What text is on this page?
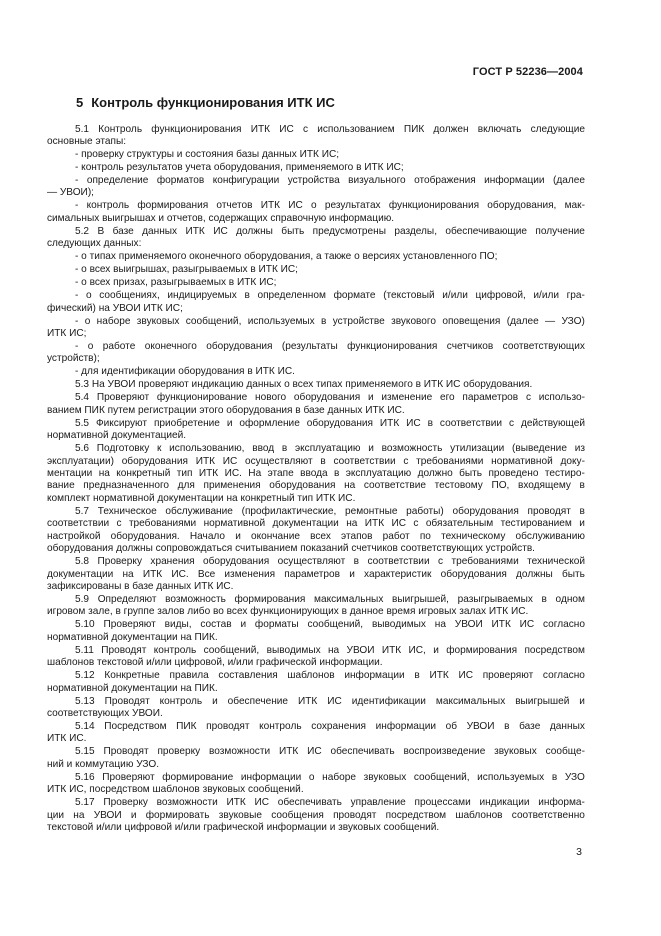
ГОСТ Р 52236—2004
5 Контроль функционирования ИТК ИС
5.1 Контроль функционирования ИТК ИС с использованием ПИК должен включать следующие
основные этапы:
- проверку структуры и состояния базы данных ИТК ИС;
- контроль результатов учета оборудования, применяемого в ИТК ИС;
- определение форматов конфигурации устройства визуального отображения информации (далее
— УВОИ);
- контроль формирования отчетов ИТК ИС о результатах функционирования оборудования, мак-
симальных выигрышах и отчетов, содержащих справочную информацию.
5.2 В базе данных ИТК ИС должны быть предусмотрены разделы, обеспечивающие получение
следующих данных:
- о типах применяемого оконечного оборудования, а также о версиях установленного ПО;
- о всех выигрышах, разыгрываемых в ИТК ИС;
- о всех призах, разыгрываемых в ИТК ИС;
- о сообщениях, индицируемых в определенном формате (текстовый и/или цифровой, и/или гра-
фический) на УВОИ ИТК ИС;
- о наборе звуковых сообщений, используемых в устройстве звукового оповещения (далее — УЗО)
ИТК ИС;
- о работе оконечного оборудования (результаты функционирования счетчиков соответствующих
устройств);
- для идентификации оборудования в ИТК ИС.
5.3 На УВОИ проверяют индикацию данных о всех типах применяемого в ИТК ИС оборудования.
5.4 Проверяют функционирование нового оборудования и изменение его параметров с использо-
ванием ПИК путем регистрации этого оборудования в базе данных ИТК ИС.
5.5 Фиксируют приобретение и оформление оборудования ИТК ИС в соответствии с действующей
нормативной документацией.
5.6 Подготовку к использованию, ввод в эксплуатацию и возможность утилизации (выведение из
эксплуатации) оборудования ИТК ИС осуществляют в соответствии с требованиями нормативной доку-
ментации на конкретный тип ИТК ИС. На этапе ввода в эксплуатацию должно быть проведено тестиро-
вание предназначенного для применения оборудования на соответствие тестовому ПО, входящему в
комплект нормативной документации на конкретный тип ИТК ИС.
5.7 Техническое обслуживание (профилактические, ремонтные работы) оборудования проводят в
соответствии с требованиями нормативной документации на ИТК ИС с обязательным тестированием и
настройкой оборудования. Начало и окончание всех этапов работ по техническому обслуживанию
оборудования должны сопровождаться считыванием показаний счетчиков соответствующих устройств.
5.8 Проверку хранения оборудования осуществляют в соответствии с требованиями технической
документации на ИТК ИС. Все изменения параметров и характеристик оборудования должны быть
зафиксированы в базе данных ИТК ИС.
5.9 Определяют возможность формирования максимальных выигрышей, разыгрываемых в одном
игровом зале, в группе залов либо во всех функционирующих в данное время игровых залах ИТК ИС.
5.10 Проверяют виды, состав и форматы сообщений, выводимых на УВОИ ИТК ИС согласно
нормативной документации на ПИК.
5.11 Проводят контроль сообщений, выводимых на УВОИ ИТК ИС, и формирования посредством
шаблонов текстовой и/или цифровой, и/или графической информации.
5.12 Конкретные правила составления шаблонов информации в ИТК ИС проверяют согласно
нормативной документации на ПИК.
5.13 Проводят контроль и обеспечение ИТК ИС идентификации максимальных выигрышей и
соответствующих УВОИ.
5.14 Посредством ПИК проводят контроль сохранения информации об УВОИ в базе данных
ИТК ИС.
5.15 Проводят проверку возможности ИТК ИС обеспечивать воспроизведение звуковых сообще-
ний и коммутацию УЗО.
5.16 Проверяют формирование информации о наборе звуковых сообщений, используемых в УЗО
ИТК ИС, посредством шаблонов звуковых сообщений.
5.17 Проверку возможности ИТК ИС обеспечивать управление процессами индикации информа-
ции на УВОИ и формировать звуковые сообщения проводят посредством шаблонов соответственно
текстовой и/или цифровой и/или графической информации и звуковых сообщений.
3
